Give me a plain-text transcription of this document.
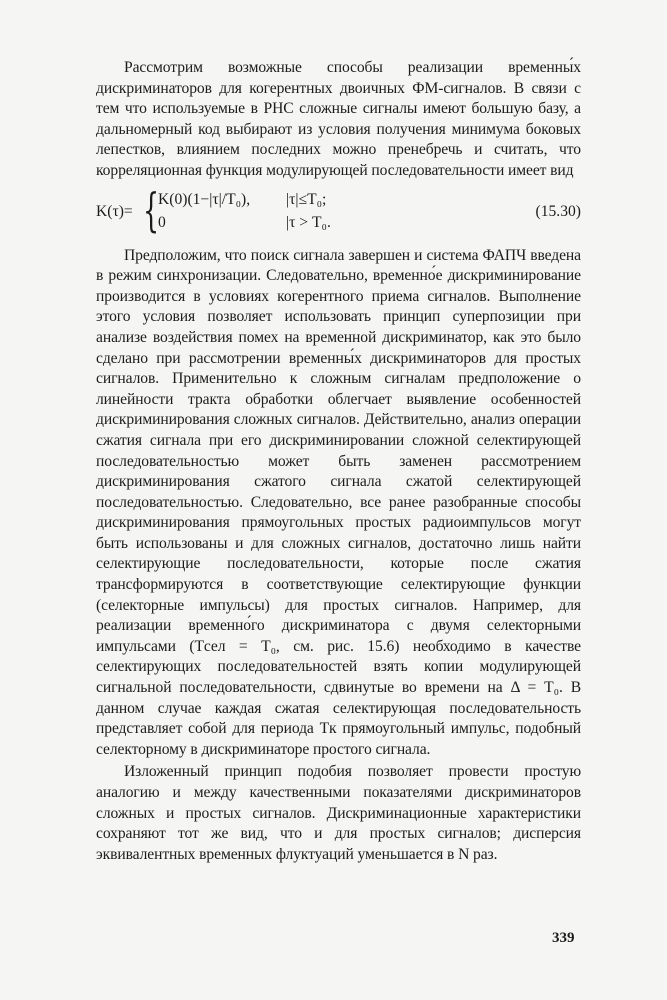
Рассмотрим возможные способы реализации временны́х дискриминаторов для когерентных двоичных ФМ-сигналов. В связи с тем что используемые в РНС сложные сигналы имеют большую базу, а дальномерный код выбирают из условия получения минимума боковых лепестков, влиянием последних можно пренебречь и считать, что корреляционная функция модулирующей последовательности имеет вид

K(τ)= {
K(0)(1−|τ|/T₀), |τ|≤T₀;
0	|τ > T₀.
(15.30)

Предположим, что поиск сигнала завершен и система ФАПЧ введена в режим синхронизации. Следовательно, временно́е дискриминирование производится в условиях когерентного приема сигналов. Выполнение этого условия позволяет использовать принцип суперпозиции при анализе воздействия помех на временной дискриминатор, как это было сделано при рассмотрении временны́х дискриминаторов для простых сигналов. Применительно к сложным сигналам предположение о линейности тракта обработки облегчает выявление особенностей дискриминирования сложных сигналов. Действительно, анализ операции сжатия сигнала при его дискриминировании сложной селектирующей последовательностью может быть заменен рассмотрением дискриминирования сжатого сигнала сжатой селектирующей последовательностью. Следовательно, все ранее разобранные способы дискриминирования прямоугольных простых радиоимпульсов могут быть использованы и для сложных сигналов, достаточно лишь найти селектирующие последовательности, которые после сжатия трансформируются в соответствующие селектирующие функции (селекторные импульсы) для простых сигналов. Например, для реализации временно́го дискриминатора с двумя селекторными импульсами (Tсел = T₀, см. рис. 15.6) необходимо в качестве селектирующих последовательностей взять копии модулирующей сигнальной последовательности, сдвинутые во времени на Δ = T₀. В данном случае каждая сжатая селектирующая последовательность представляет собой для периода Tк прямоугольный импульс, подобный селекторному в дискриминаторе простого сигнала.

Изложенный принцип подобия позволяет провести простую аналогию и между качественными показателями дискриминаторов сложных и простых сигналов. Дискриминационные характеристики сохраняют тот же вид, что и для простых сигналов; дисперсия эквивалентных временных флуктуаций уменьшается в N раз.

339
